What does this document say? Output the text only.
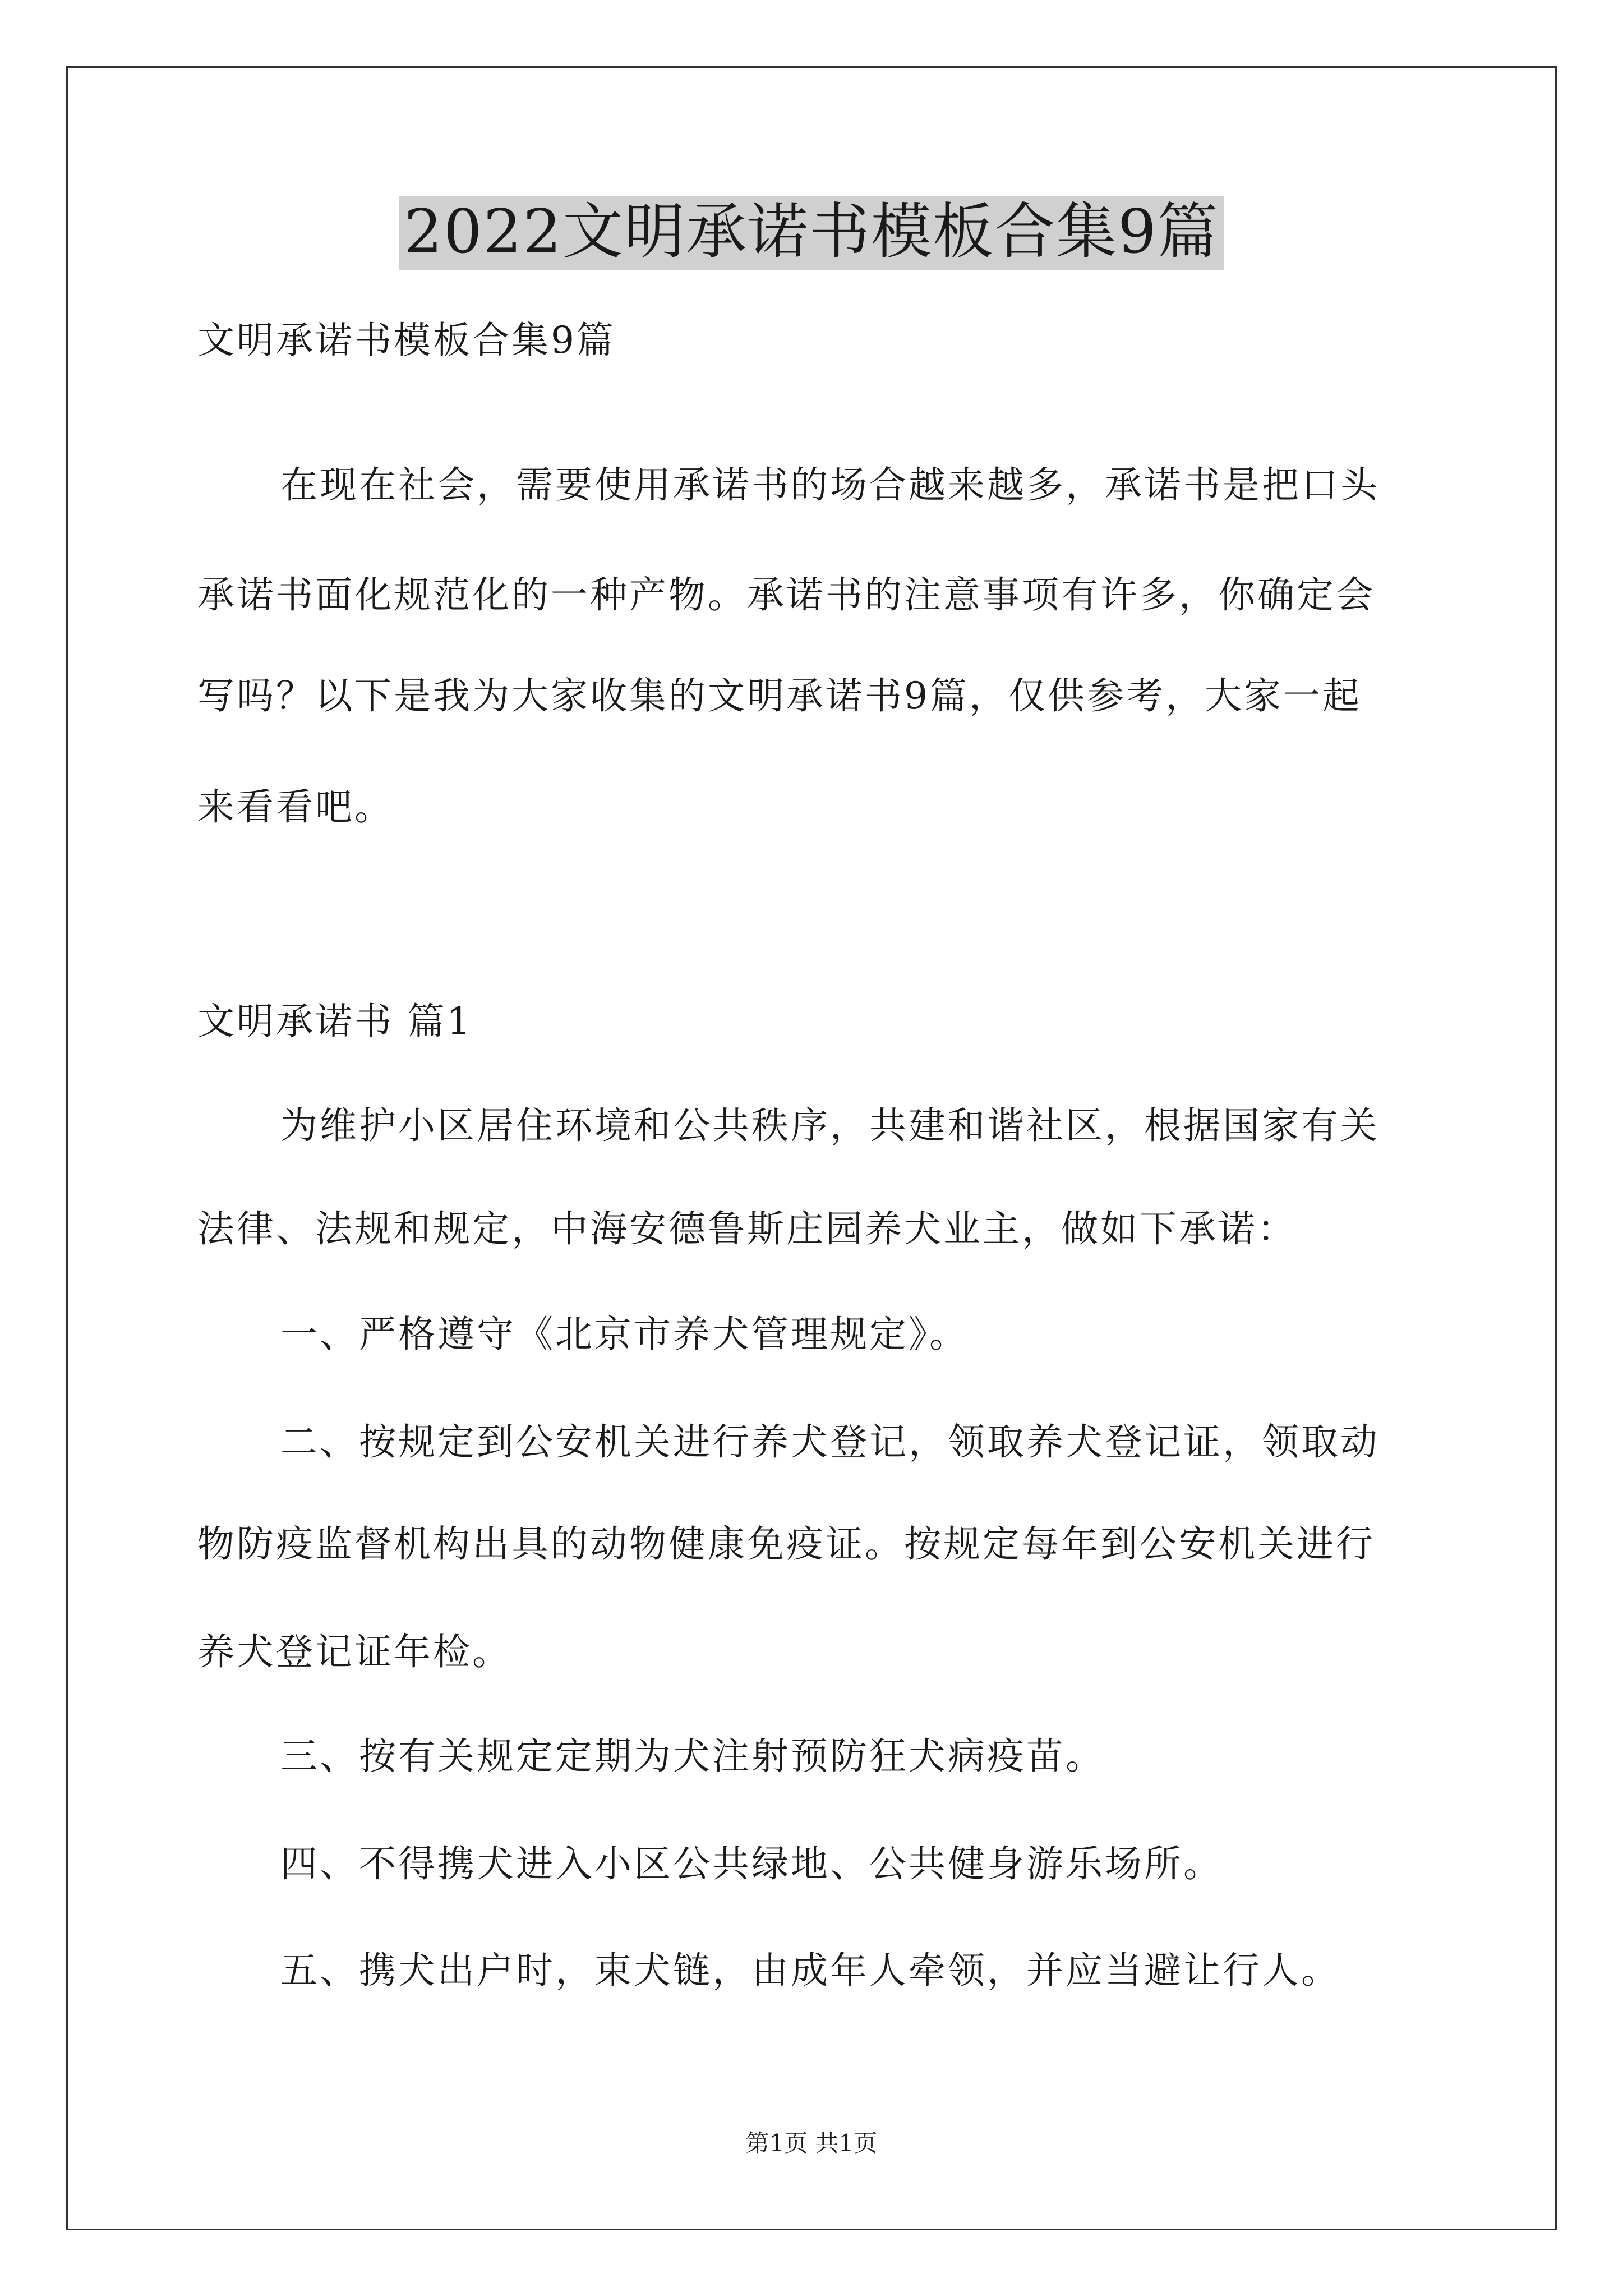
2022文明承诺书模板合集9篇
文明承诺书模板合集9篇
在现在社会，需要使用承诺书的场合越来越多，承诺书是把口头
承诺书面化规范化的一种产物。承诺书的注意事项有许多，你确定会
写吗？以下是我为大家收集的文明承诺书9篇，仅供参考，大家一起
来看看吧。
文明承诺书 篇1
为维护小区居住环境和公共秩序，共建和谐社区，根据国家有关
法律、法规和规定，中海安德鲁斯庄园养犬业主，做如下承诺：
一、严格遵守《北京市养犬管理规定》。
二、按规定到公安机关进行养犬登记，领取养犬登记证，领取动
物防疫监督机构出具的动物健康免疫证。按规定每年到公安机关进行
养犬登记证年检。
三、按有关规定定期为犬注射预防狂犬病疫苗。
四、不得携犬进入小区公共绿地、公共健身游乐场所。
五、携犬出户时，束犬链，由成年人牵领，并应当避让行人。
第1页 共1页
